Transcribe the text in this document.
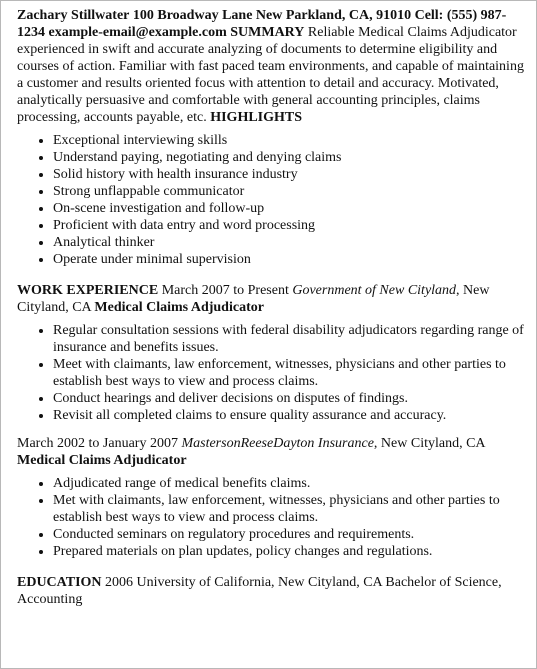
Zachary Stillwater 100 Broadway Lane New Parkland, CA, 91010 Cell: (555) 987-1234 example-email@example.com SUMMARY Reliable Medical Claims Adjudicator experienced in swift and accurate analyzing of documents to determine eligibility and courses of action. Familiar with fast paced team environments, and capable of maintaining a customer and results oriented focus with attention to detail and accuracy. Motivated, analytically persuasive and comfortable with general accounting principles, claims processing, accounts payable, etc. HIGHLIGHTS

• Exceptional interviewing skills
• Understand paying, negotiating and denying claims
• Solid history with health insurance industry
• Strong unflappable communicator
• On-scene investigation and follow-up
• Proficient with data entry and word processing
• Analytical thinker
• Operate under minimal supervision

WORK EXPERIENCE March 2007 to Present Government of New Cityland, New Cityland, CA Medical Claims Adjudicator

• Regular consultation sessions with federal disability adjudicators regarding range of insurance and benefits issues.
• Meet with claimants, law enforcement, witnesses, physicians and other parties to establish best ways to view and process claims.
• Conduct hearings and deliver decisions on disputes of findings.
• Revisit all completed claims to ensure quality assurance and accuracy.

March 2002 to January 2007 MastersonReeseDayton Insurance, New Cityland, CA Medical Claims Adjudicator

• Adjudicated range of medical benefits claims.
• Met with claimants, law enforcement, witnesses, physicians and other parties to establish best ways to view and process claims.
• Conducted seminars on regulatory procedures and requirements.
• Prepared materials on plan updates, policy changes and regulations.

EDUCATION 2006 University of California, New Cityland, CA Bachelor of Science, Accounting
